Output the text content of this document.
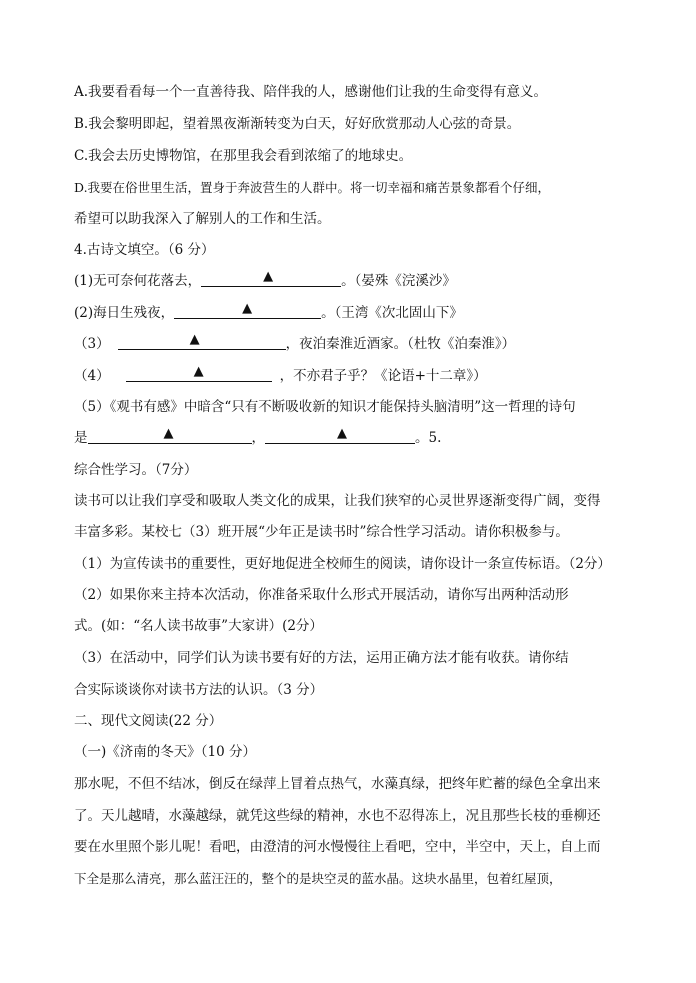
A.我要看看每一个一直善待我、陪伴我的人，感谢他们让我的生命变得有意义。
B.我会黎明即起，望着黑夜渐渐转变为白天，好好欣赏那动人心弦的奇景。
C.我会去历史博物馆，在那里我会看到浓缩了的地球史。
D.我要在俗世里生活，置身于奔波营生的人群中。将一切幸福和痛苦景象都看个仔细，
希望可以助我深入了解别人的工作和生活。
4.古诗文填空。（6 分）
(1)无可奈何花落去，	▲	。（晏殊《浣溪沙》
(2)海日生残夜，	▲	。（王湾《次北固山下》
（3）	▲	，夜泊秦淮近酒家。（杜牧《泊秦淮》）
（4）	▲	，不亦君子乎？《论语+十二章》）
（5）《观书有感》中暗含“只有不断吸收新的知识才能保持头脑清明”这一哲理的诗句
是	▲	，	▲	。5.
综合性学习。（7分）
读书可以让我们享受和吸取人类文化的成果，让我们狭窄的心灵世界逐渐变得广阔，变得
丰富多彩。某校七（3）班开展“少年正是读书时”综合性学习活动。请你积极参与。
（1）为宣传读书的重要性，更好地促进全校师生的阅读，请你设计一条宣传标语。（2分）
（2）如果你来主持本次活动，你准备采取什么形式开展活动，请你写出两种活动形
式。(如：“名人读书故事”大家讲）(2分）
（3）在活动中，同学们认为读书要有好的方法，运用正确方法才能有收获。请你结
合实际谈谈你对读书方法的认识。（3 分）
二、现代文阅读(22 分）
（一)《济南的冬天》（10 分）
那水呢，不但不结冰，倒反在绿萍上冒着点热气，水藻真绿，把终年贮蓄的绿色全拿出来
了。天儿越晴，水藻越绿，就凭这些绿的精神，水也不忍得冻上，况且那些长枝的垂柳还
要在水里照个影儿呢！看吧，由澄清的河水慢慢往上看吧，空中，半空中，天上，自上而
下全是那么清亮，那么蓝汪汪的，整个的是块空灵的蓝水晶。这块水晶里，包着红屋顶，
